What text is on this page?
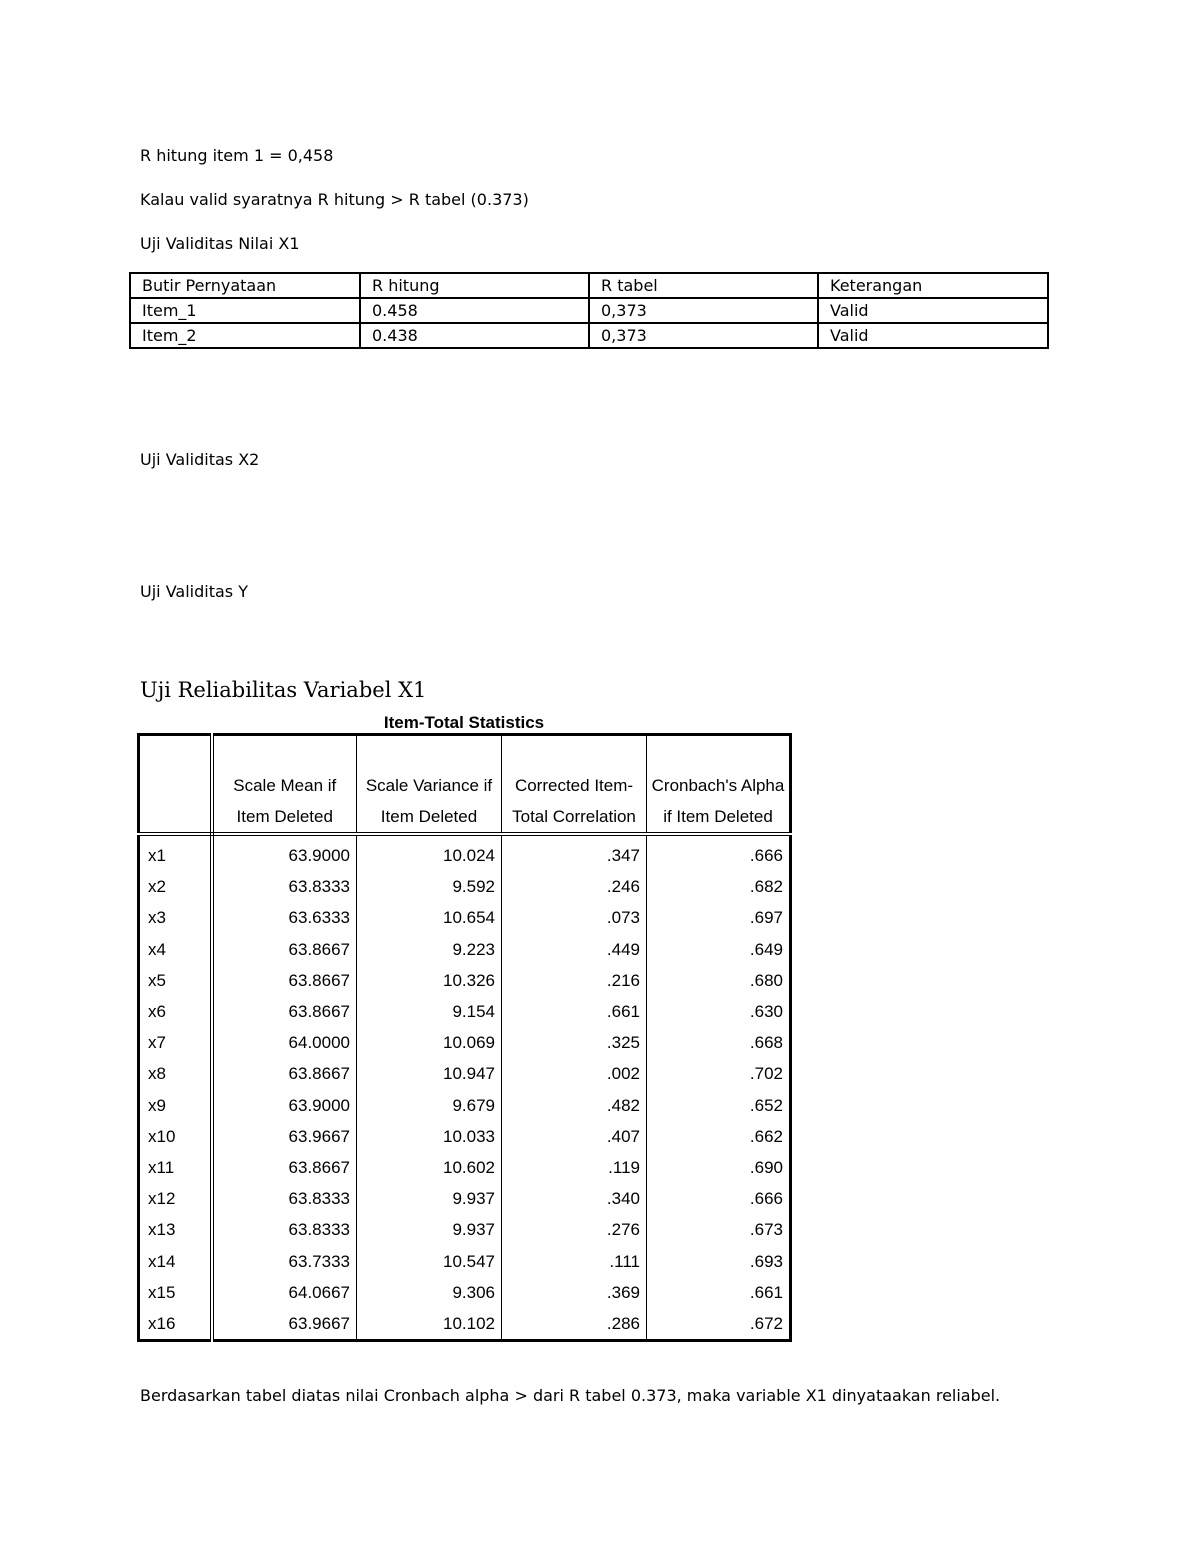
R hitung item 1 = 0,458
Kalau valid syaratnya R hitung > R tabel (0.373)
Uji Validitas Nilai X1
Butir Pernyataan	R hitung	R tabel	Keterangan
Item_1	0.458	0,373	Valid
Item_2	0.438	0,373	Valid
Uji Validitas X2
Uji Validitas Y
Uji Reliabilitas Variabel X1
Item-Total Statistics
	Scale Mean if Item Deleted	Scale Variance if Item Deleted	Corrected Item-Total Correlation	Cronbach's Alpha if Item Deleted
x1	63.9000	10.024	.347	.666
x2	63.8333	9.592	.246	.682
x3	63.6333	10.654	.073	.697
x4	63.8667	9.223	.449	.649
x5	63.8667	10.326	.216	.680
x6	63.8667	9.154	.661	.630
x7	64.0000	10.069	.325	.668
x8	63.8667	10.947	.002	.702
x9	63.9000	9.679	.482	.652
x10	63.9667	10.033	.407	.662
x11	63.8667	10.602	.119	.690
x12	63.8333	9.937	.340	.666
x13	63.8333	9.937	.276	.673
x14	63.7333	10.547	.111	.693
x15	64.0667	9.306	.369	.661
x16	63.9667	10.102	.286	.672
Berdasarkan tabel diatas nilai Cronbach alpha > dari R tabel 0.373, maka variable X1 dinyataakan reliabel.
